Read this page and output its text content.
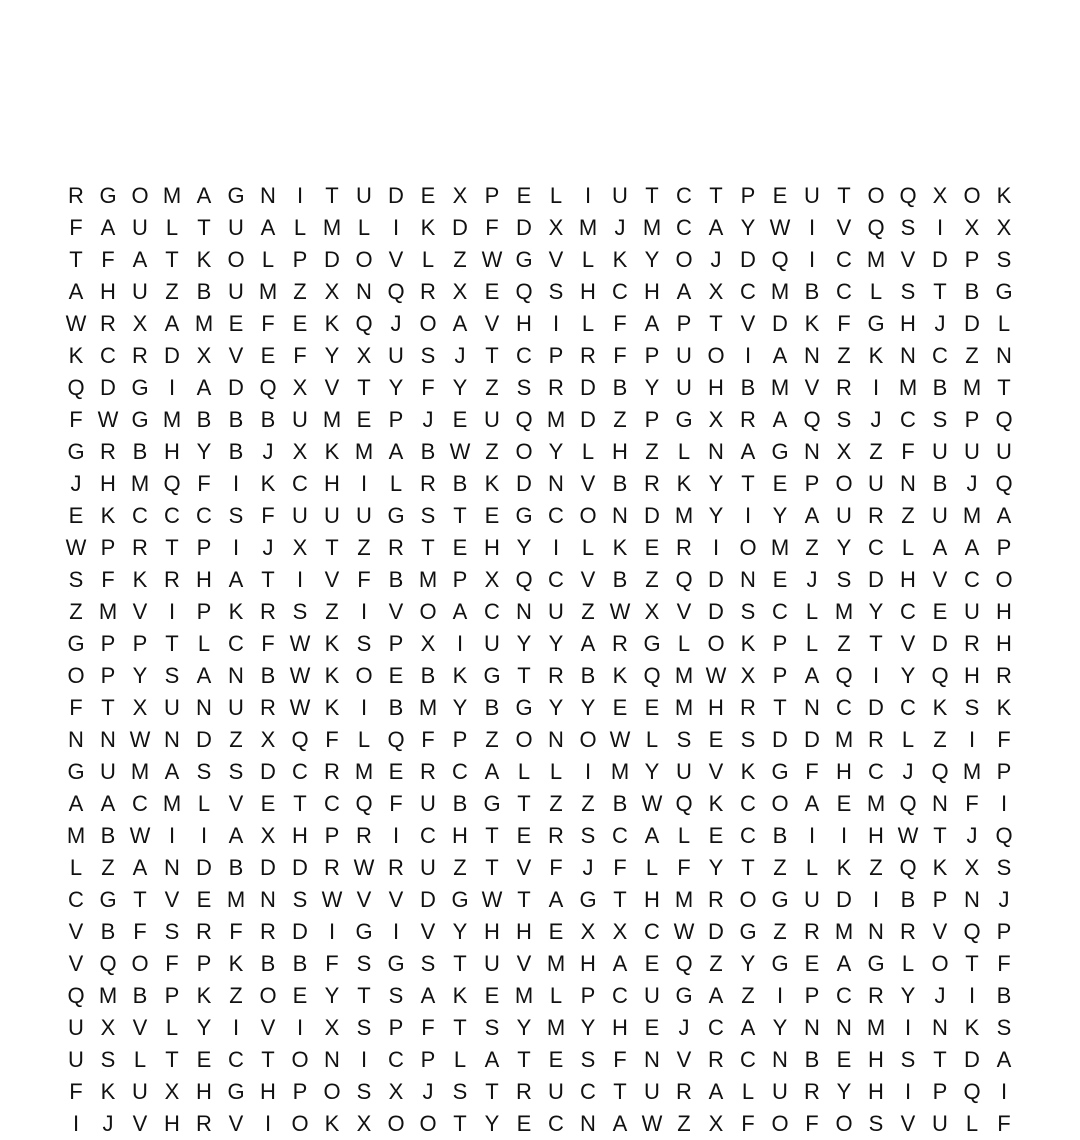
R G O M A G N I	T U D E X P E L	I U T C T P E U T O Q X O K
F A U L T U A L M L	I K D F D X M J M C A Y W I V Q S I X X
T F A T K O L P D O V L Z W G V L K Y O J D Q I C M V D P S
A H U Z B U M Z X N Q R X E Q S H C H A X C M B C L S T B G
W R X A M E F E K Q J O A V H I	L F A P T V D K F G H J D L
K C R D X V E F Y X U S J T C P R F P U O I A N Z K N C Z N
Q D G I A D Q X V T Y F Y Z S R D B Y U H B M V R I M B M T
F W G M B B B U M E P J E U Q M D Z P G X R A Q S J C S P Q
G R B H Y B J X K M A B W Z O Y L H Z L N A G N X Z F U U U
J H M Q F	I K C H I	L R B K D N V B R K Y T E P O U N B J Q
E K C C C S F U U U G S T E G C O N D M Y I Y A U R Z U M A
W P R T P I	J X T Z R T E H Y I	L K E R I O M Z Y C L A A P
S F K R H A T	I V F B M P X Q C V B Z Q D N E J S D H V C O
Z M V I P K R S Z	I V O A C N U Z W X V D S C L M Y C E U H
G P P T L C F W K S P X I U Y Y A R G L O K P L Z T V D R H
O P Y S A N B W K O E B K G T R B K Q M W X P A Q I Y Q H R
F T X U N U R W K I B M Y B G Y Y E E M H R T N C D C K S K
N N W N D Z X Q F L Q F P Z O N O W L S E S D D M R L Z	I	F
G U M A S S D C R M E R C A L L	I M Y U V K G F H C J Q M P
A A C M L V E T C Q F U B G T Z Z B W Q K C O A E M Q N F	I
M B W I	I A X H P R I C H T E R S C A L E C B I	I H W T J Q
L Z A N D B D D R W R U Z T V F J F L F Y T Z L K Z Q K X S
C G T V E M N S W V V D G W T A G T H M R O G U D I B P N J
V B F S R F R D I G I V Y H H E X X C W D G Z R M N R V Q P
V Q O F P K B B F S G S T U V M H A E Q Z Y G E A G L O T F
Q M B P K Z O E Y T S A K E M L P C U G A Z	I P C R Y J	I B
U X V L Y I V I X S P F T S Y M Y H E J C A Y N N M I N K S
U S L T E C T O N I C P L A T E S F N V R C N B E H S T D A
F K U X H G H P O S X J S T R U C T U R A L U R Y H I P Q I
I	J V H R V I O K X O O T Y E C N A W Z X F O F O S V U L F
